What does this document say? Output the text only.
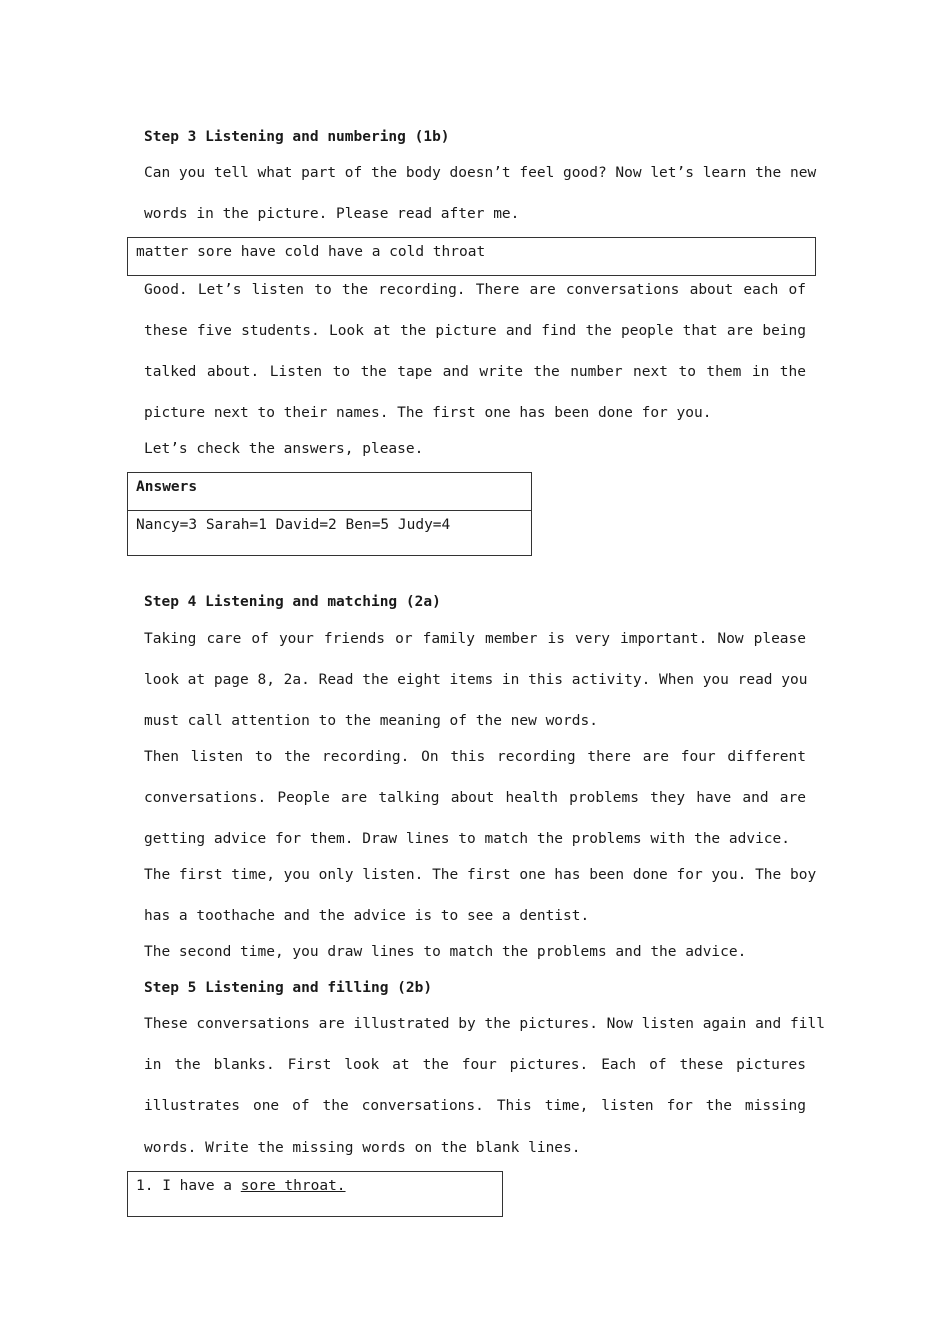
Step 3 Listening and numbering (1b)
Can you tell what part of the body doesn’t feel good? Now let’s learn the new
words in the picture. Please read after me.
matter sore have cold have a cold throat
Good. Let’s listen to the recording. There are conversations about each of
these five students. Look at the picture and find the people that are being
talked about. Listen to the tape and write the number next to them in the
picture next to their names. The first one has been done for you.
Let’s check the answers, please.
Answers
Nancy=3 Sarah=1 David=2 Ben=5 Judy=4
Step 4 Listening and matching (2a)
Taking care of your friends or family member is very important. Now please
look at page 8, 2a. Read the eight items in this activity. When you read you
must call attention to the meaning of the new words.
Then listen to the recording. On this recording there are four different
conversations. People are talking about health problems they have and are
getting advice for them. Draw lines to match the problems with the advice.
The first time, you only listen. The first one has been done for you. The boy
has a toothache and the advice is to see a dentist.
The second time, you draw lines to match the problems and the advice.
Step 5 Listening and filling (2b)
These conversations are illustrated by the pictures. Now listen again and fill
in the blanks. First look at the four pictures. Each of these pictures
illustrates one of the conversations. This time, listen for the missing
words. Write the missing words on the blank lines.
1. I have a sore throat.
